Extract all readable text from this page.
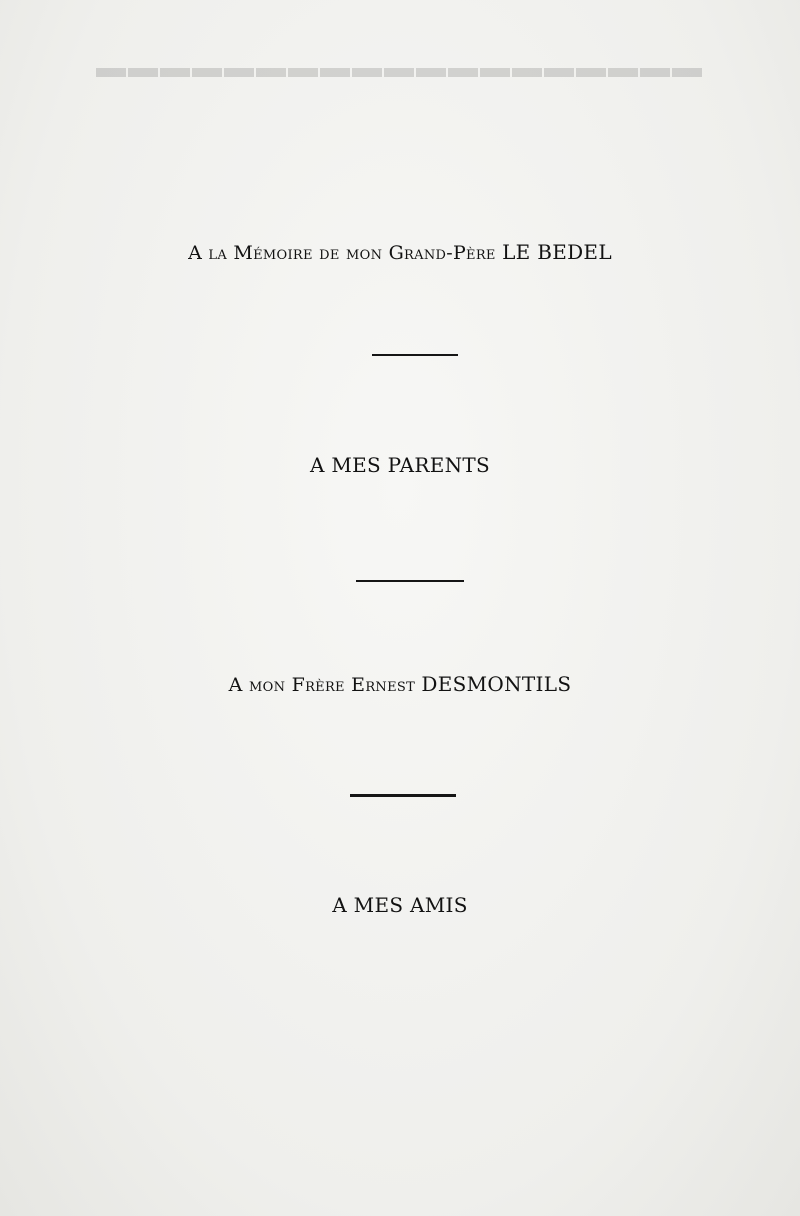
▬▬▬▬▬▬▬▬▬▬▬▬▬▬▬▬▬▬▬
A la Mémoire de mon Grand-Père LE BEDEL
A MES PARENTS
A mon Frère Ernest DESMONTILS
A MES AMIS
